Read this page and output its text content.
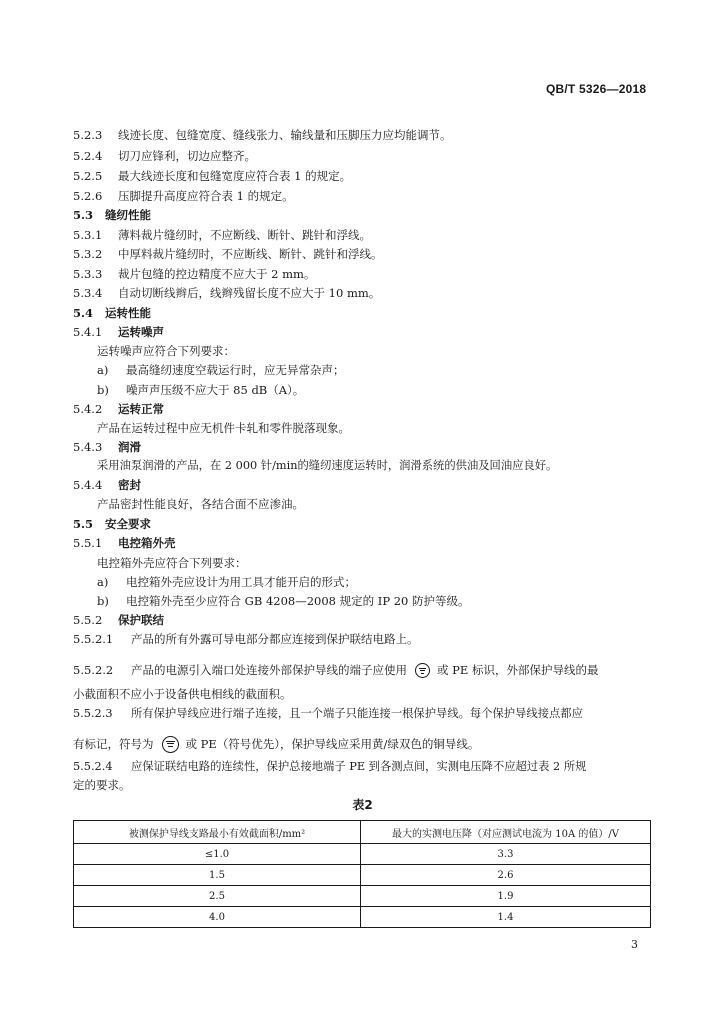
QB/T 5326—2018
5.2.3 线迹长度、包缝宽度、缝线张力、输线量和压脚压力应均能调节。
5.2.4 切刀应锋利，切边应整齐。
5.2.5 最大线迹长度和包缝宽度应符合表 1 的规定。
5.2.6 压脚提升高度应符合表 1 的规定。
5.3 缝纫性能
5.3.1 薄料裁片缝纫时，不应断线、断针、跳针和浮线。
5.3.2 中厚料裁片缝纫时，不应断线、断针、跳针和浮线。
5.3.3 裁片包缝的控边精度不应大于 2 mm。
5.3.4 自动切断线辫后，线辫残留长度不应大于 10 mm。
5.4 运转性能
5.4.1 运转噪声
运转噪声应符合下列要求：
a) 最高缝纫速度空载运行时，应无异常杂声；
b) 噪声声压级不应大于 85 dB（A）。
5.4.2 运转正常
产品在运转过程中应无机件卡轧和零件脱落现象。
5.4.3 润滑
采用油泵润滑的产品，在 2 000 针/min的缝纫速度运转时，润滑系统的供油及回油应良好。
5.4.4 密封
产品密封性能良好，各结合面不应渗油。
5.5 安全要求
5.5.1 电控箱外壳
电控箱外壳应符合下列要求：
a) 电控箱外壳应设计为用工具才能开启的形式；
b) 电控箱外壳至少应符合 GB 4208—2008 规定的 IP 20 防护等级。
5.5.2 保护联结
5.5.2.1 产品的所有外露可导电部分都应连接到保护联结电路上。
5.5.2.2 产品的电源引入端口处连接外部保护导线的端子应使用	或 PE 标识，外部保护导线的最
小截面积不应小于设备供电相线的截面积。
5.5.2.3 所有保护导线应进行端子连接，且一个端子只能连接一根保护导线。每个保护导线接点都应
有标记，符号为	或 PE（符号优先），保护导线应采用黄/绿双色的铜导线。
5.5.2.4 应保证联结电路的连续性，保护总接地端子 PE 到各测点间，实测电压降不应超过表 2 所规
定的要求。
表2
被测保护导线支路最小有效截面积/mm²	最大的实测电压降（对应测试电流为 10A 的值）/V
≤1.0	3.3
1.5	2.6
2.5	1.9
4.0	1.4
3
